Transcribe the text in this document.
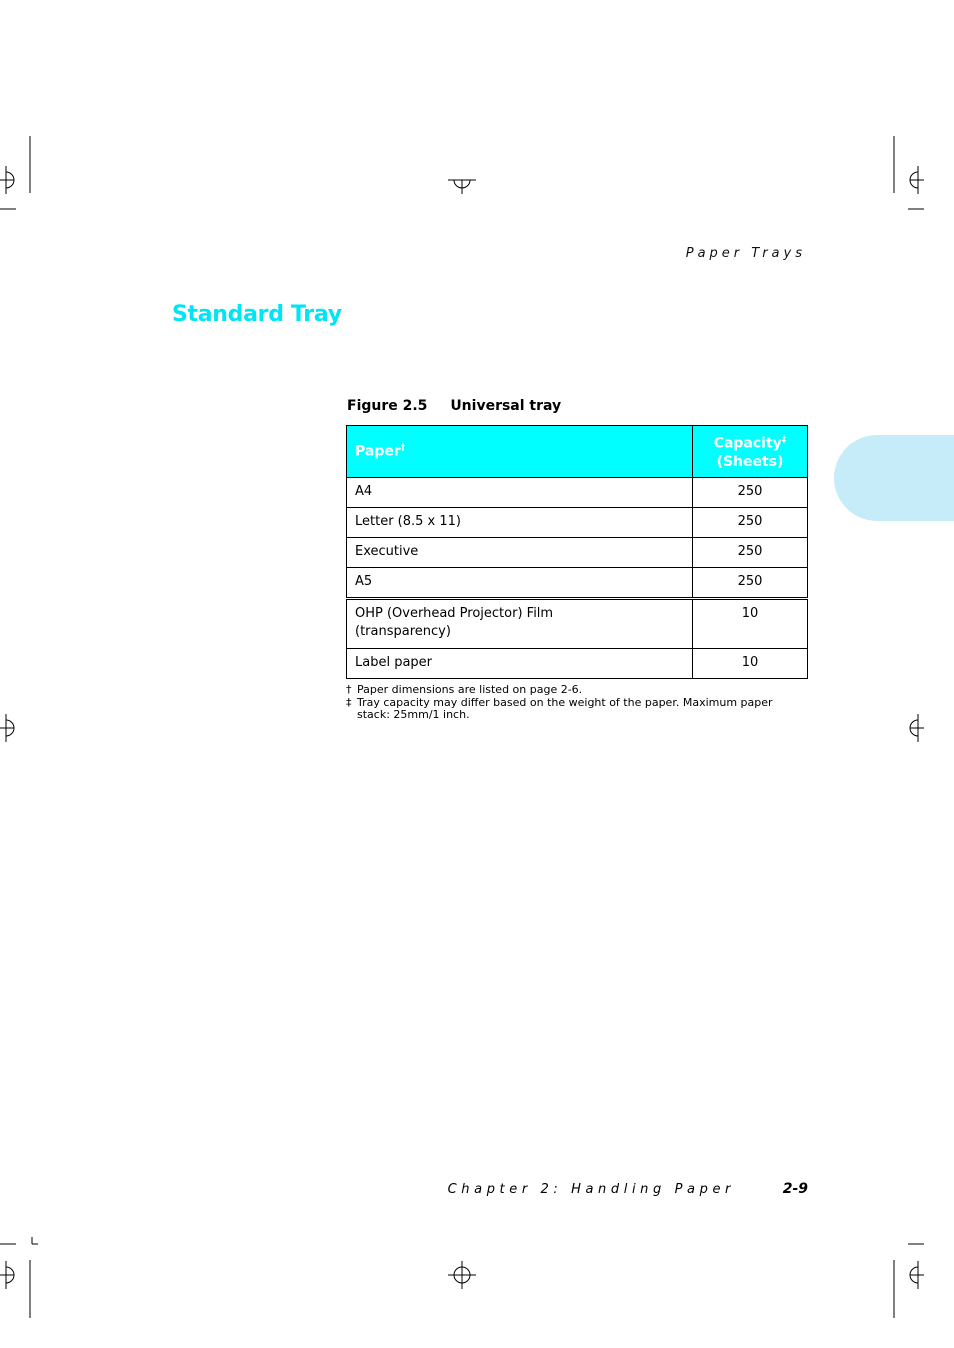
Paper Trays
Standard Tray
Figure 2.5 Universal tray
Paper†	Capacity‡
(Sheets)
A4	250
Letter (8.5 x 11)	250
Executive	250
A5	250
OHP (Overhead Projector) Film
(transparency)	10
Label paper	10
† Paper dimensions are listed on page 2-6.
‡ Tray capacity may differ based on the weight of the paper. Maximum paper stack: 25mm/1 inch.
Chapter 2: Handling Paper	2-9
